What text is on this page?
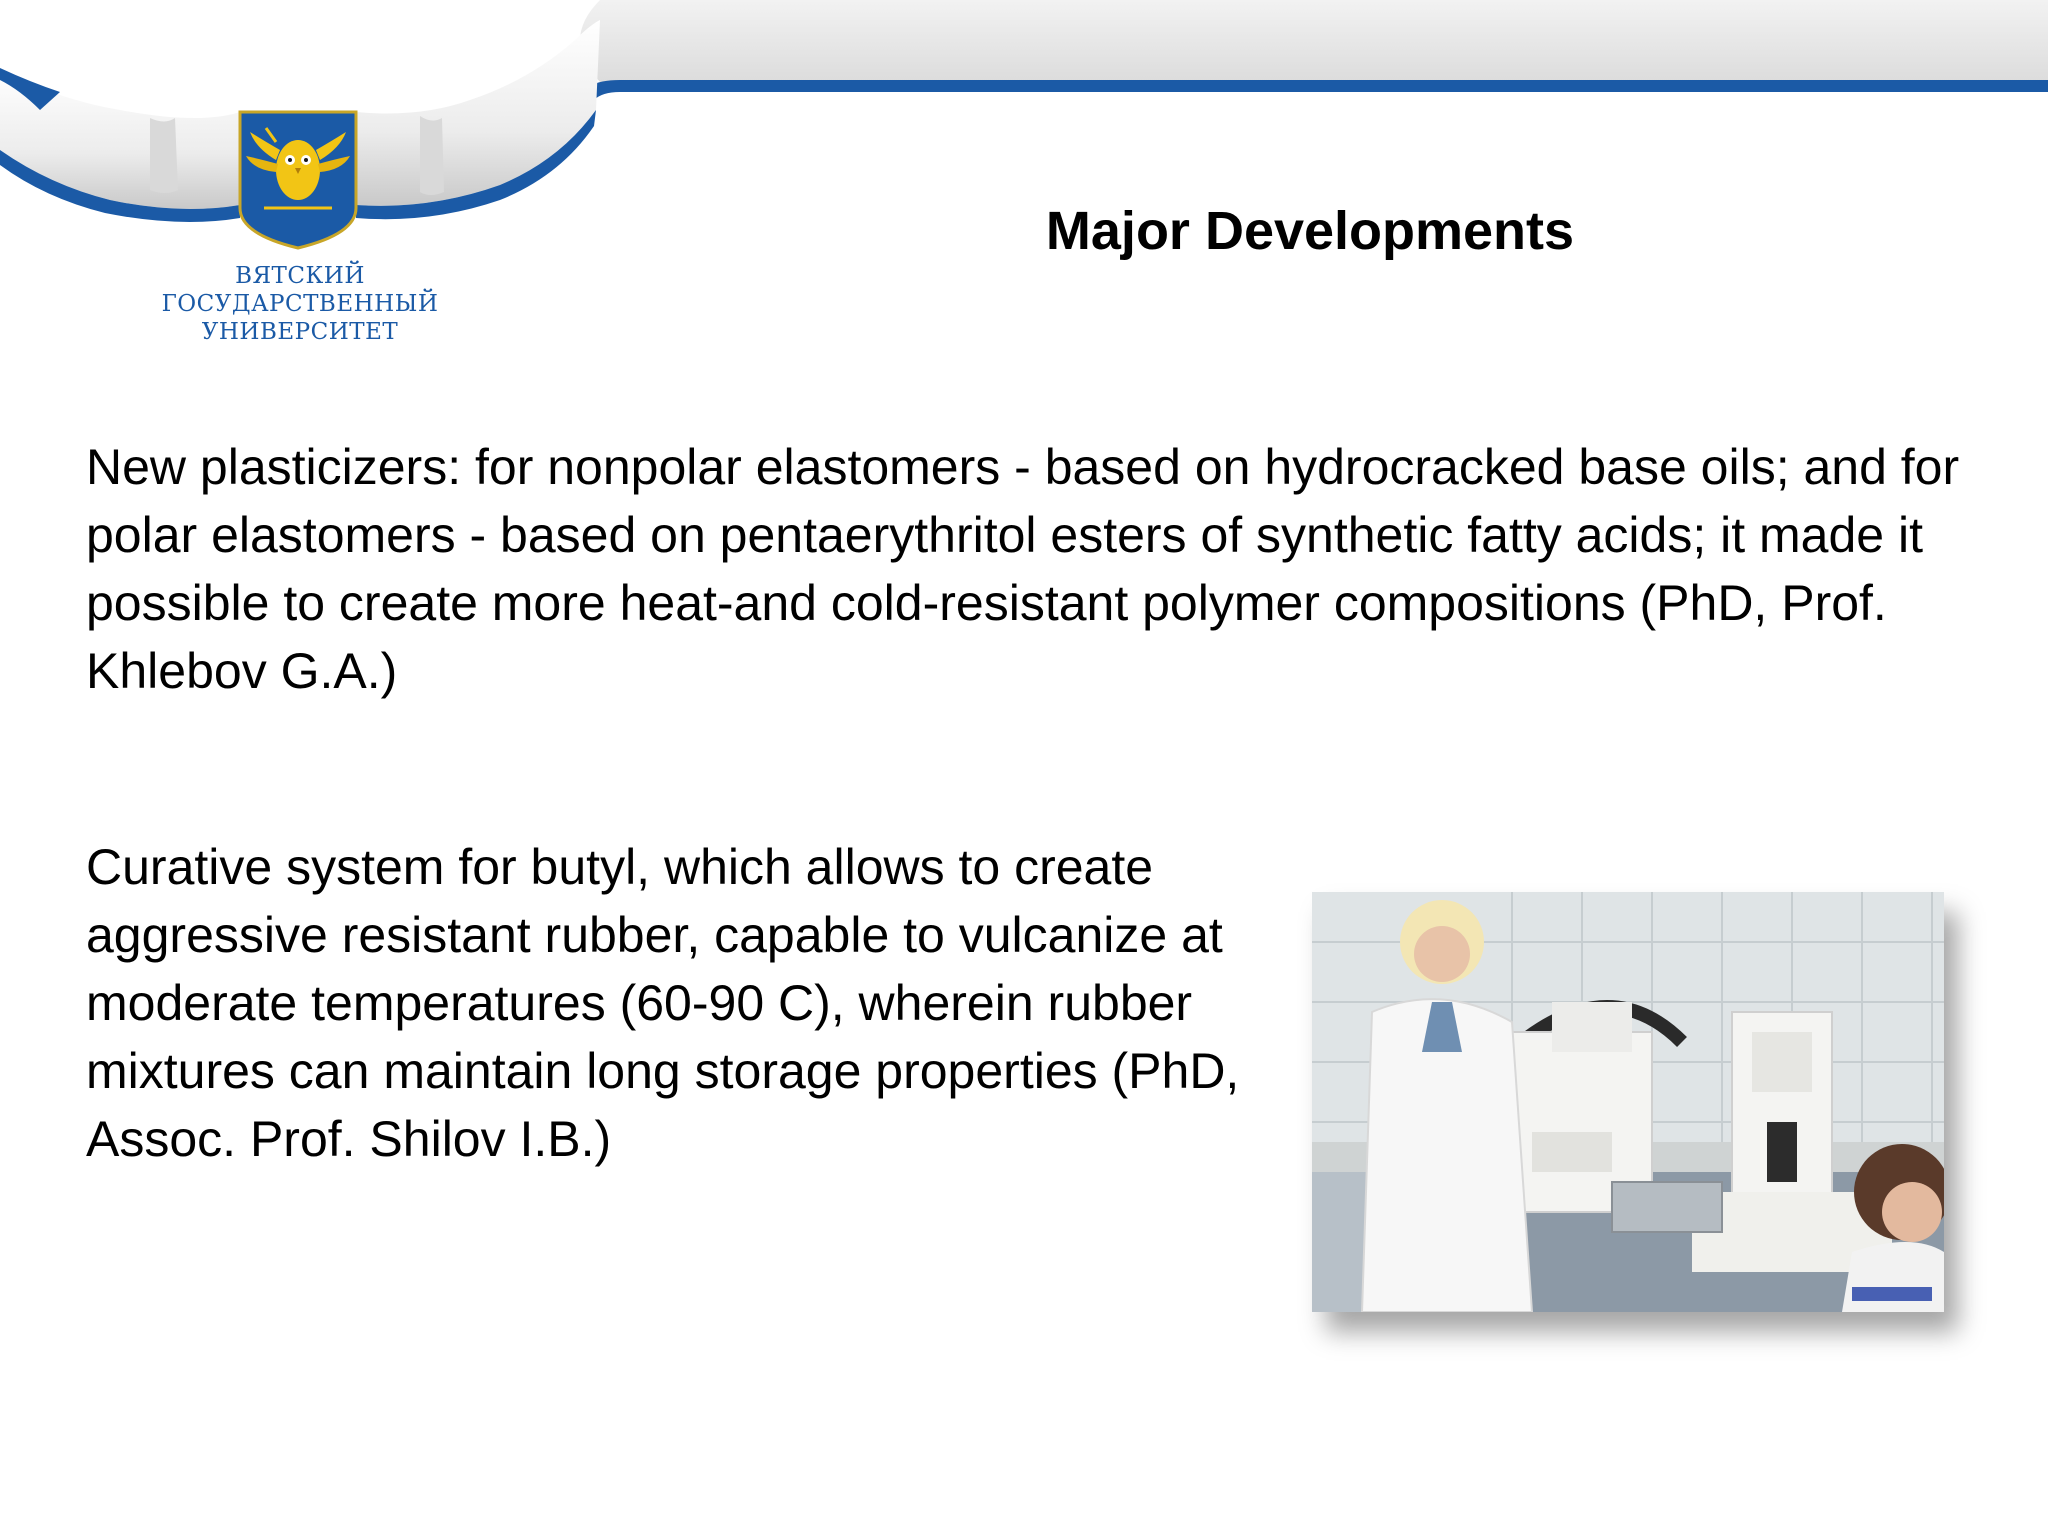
ВЯТСКИЙ
ГОСУДАРСТВЕННЫЙ
УНИВЕРСИТЕТ
Major Developments
New plasticizers: for nonpolar elastomers - based on hydrocracked base oils; and for polar elastomers - based on pentaerythritol esters of synthetic fatty acids; it made it possible to create more heat-and cold-resistant polymer compositions (PhD, Prof. Khlebov G.A.)
Curative system for butyl, which allows to create aggressive resistant rubber, capable to vulcanize at moderate temperatures (60-90 C), wherein rubber mixtures can maintain long storage properties (PhD, Assoc. Prof. Shilov I.B.)
